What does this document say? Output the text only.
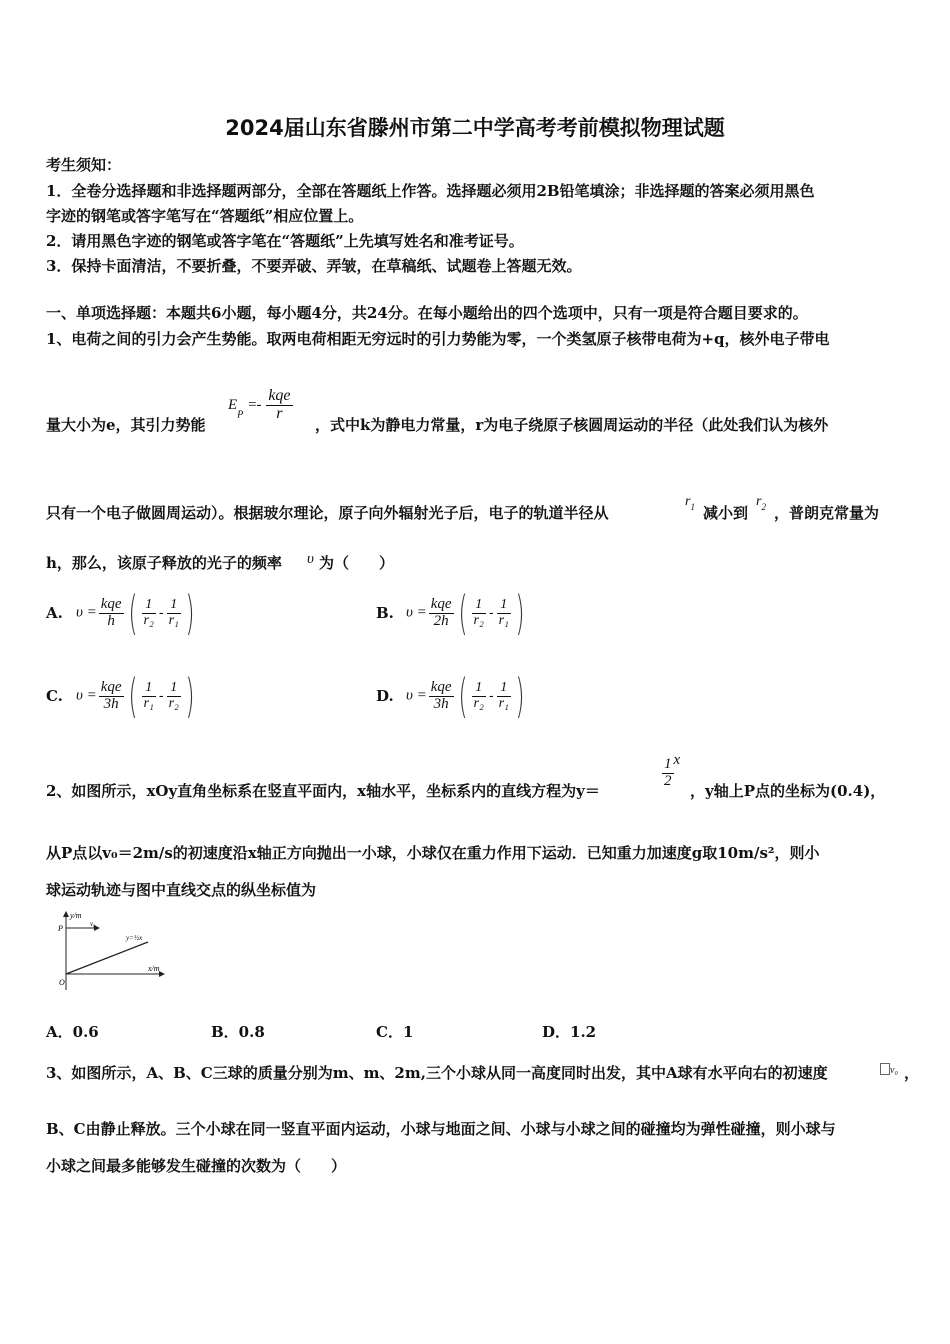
2024届山东省滕州市第二中学高考考前模拟物理试题
考生须知：
1．全卷分选择题和非选择题两部分，全部在答题纸上作答。选择题必须用2B铅笔填涂；非选择题的答案必须用黑色
字迹的钢笔或答字笔写在“答题纸”相应位置上。
2．请用黑色字迹的钢笔或答字笔在“答题纸”上先填写姓名和准考证号。
3．保持卡面清洁，不要折叠，不要弄破、弄皱，在草稿纸、试题卷上答题无效。
一、单项选择题：本题共6小题，每小题4分，共24分。在每小题给出的四个选项中，只有一项是符合题目要求的。
1、电荷之间的引力会产生势能。取两电荷相距无穷远时的引力势能为零，一个类氢原子核带电荷为+q，核外电子带电
量大小为e，其引力势能
$E_P =- \frac{\text{kqe}}{r}$
，式中k为静电力常量，r为电子绕原子核圆周运动的半径（此处我们认为核外
只有一个电子做圆周运动）。根据玻尔理论，原子向外辐射光子后，电子的轨道半径从
$r_1$ 减小到
$r_2$ ，普朗克常量为
h，那么，该原子释放的光子的频率 υ 为（　　）
A. $\upsilon = \frac{\text{kqe}}{h}$ ( $\frac{1}{\text{r₂}} - \frac{1}{\text{r₁}}$ )	B. $\upsilon = \frac{\text{kqe}}{2h}$ ( $\frac{1}{\text{r₂}} - \frac{1}{\text{r₁}}$ )
C. $\upsilon = \frac{\text{kqe}}{3h}$ ( $\frac{1}{\text{r₁}} - \frac{1}{\text{r₂}}$ )	D. $\upsilon = \frac{\text{kqe}}{3h}$ ( $\frac{1}{\text{r₂}} - \frac{1}{\text{r₁}}$ )
2、如图所示，xOy直角坐标系在竖直平面内，x轴水平，坐标系内的直线方程为y＝
$\frac{1}{2}$ x
，y轴上P点的坐标为(0.4)，
从P点以v₀＝2m/s的初速度沿x轴正方向抛出一小球，小球仅在重力作用下运动．已知重力加速度g取10m/s²，则小
球运动轨迹与图中直线交点的纵坐标值为
y/m
x/m
P
O
v₀
y=½x
A．0.6	B．0.8	C．1	D．1.2
3、如图所示，A、B、C三球的质量分别为m、m、2m,三个小球从同一高度同时出发，其中A球有水平向右的初速度	v₀ ，
B、C由静止释放。三个小球在同一竖直平面内运动，小球与地面之间、小球与小球之间的碰撞均为弹性碰撞，则小球与
小球之间最多能够发生碰撞的次数为（　　）
